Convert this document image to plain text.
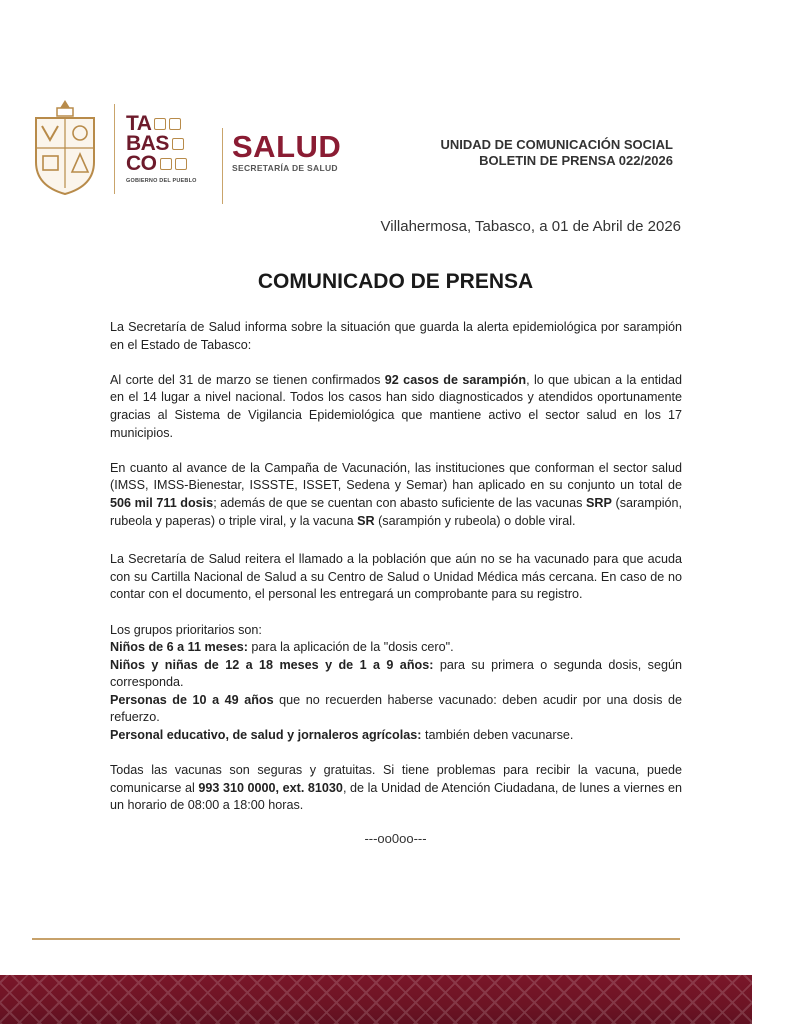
TA
BAS
CO
GOBIERNO DEL PUEBLO
SALUD
SECRETARÍA DE SALUD
UNIDAD DE COMUNICACIÓN SOCIAL
BOLETIN DE PRENSA 022/2026
Villahermosa, Tabasco, a 01 de Abril de 2026
COMUNICADO DE PRENSA

La Secretaría de Salud informa sobre la situación que guarda la alerta epidemiológica por sarampión en el Estado de Tabasco:

Al corte del 31 de marzo se tienen confirmados 92 casos de sarampión, lo que ubican a la entidad en el 14 lugar a nivel nacional. Todos los casos han sido diagnosticados y atendidos oportunamente gracias al Sistema de Vigilancia Epidemiológica que mantiene activo el sector salud en los 17 municipios.

En cuanto al avance de la Campaña de Vacunación, las instituciones que conforman el sector salud (IMSS, IMSS-Bienestar, ISSSTE, ISSET, Sedena y Semar) han aplicado en su conjunto un total de 506 mil 711 dosis; además de que se cuentan con abasto suficiente de las vacunas SRP (sarampión, rubeola y paperas) o triple viral, y la vacuna SR (sarampión y rubeola) o doble viral.

La Secretaría de Salud reitera el llamado a la población que aún no se ha vacunado para que acuda con su Cartilla Nacional de Salud a su Centro de Salud o Unidad Médica más cercana. En caso de no contar con el documento, el personal les entregará un comprobante para su registro.

Los grupos prioritarios son:

Niños de 6 a 11 meses: para la aplicación de la "dosis cero".

Niños y niñas de 12 a 18 meses y de 1 a 9 años: para su primera o segunda dosis, según corresponda.

Personas de 10 a 49 años que no recuerden haberse vacunado: deben acudir por una dosis de refuerzo.

Personal educativo, de salud y jornaleros agrícolas: también deben vacunarse.

Todas las vacunas son seguras y gratuitas. Si tiene problemas para recibir la vacuna, puede comunicarse al 993 310 0000, ext. 81030, de la Unidad de Atención Ciudadana, de lunes a viernes en un horario de 08:00 a 18:00 horas.

---oo0oo---
